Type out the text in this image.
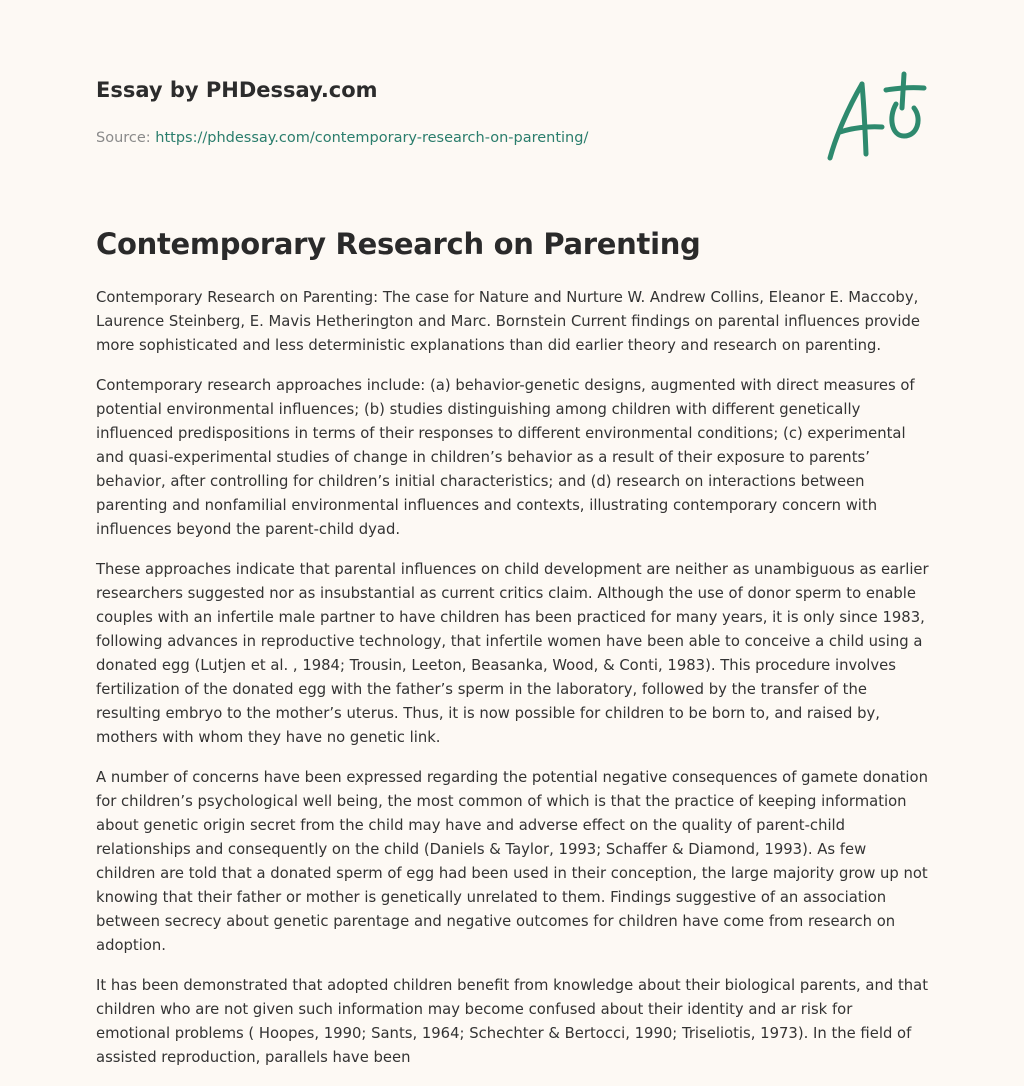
Essay by PHDessay.com
Source: https://phdessay.com/contemporary-research-on-parenting/
Contemporary Research on Parenting

Contemporary Research on Parenting: The case for Nature and Nurture W. Andrew Collins, Eleanor E. Maccoby, Laurence Steinberg, E. Mavis Hetherington and Marc. Bornstein Current findings on parental influences provide more sophisticated and less deterministic explanations than did earlier theory and research on parenting.

Contemporary research approaches include: (a) behavior-genetic designs, augmented with direct measures of potential environmental influences; (b) studies distinguishing among children with different genetically influenced predispositions in terms of their responses to different environmental conditions; (c) experimental and quasi-experimental studies of change in children’s behavior as a result of their exposure to parents’ behavior, after controlling for children’s initial characteristics; and (d) research on interactions between parenting and nonfamilial environmental influences and contexts, illustrating contemporary concern with influences beyond the parent-child dyad.

These approaches indicate that parental influences on child development are neither as unambiguous as earlier researchers suggested nor as insubstantial as current critics claim. Although the use of donor sperm to enable couples with an infertile male partner to have children has been practiced for many years, it is only since 1983, following advances in reproductive technology, that infertile women have been able to conceive a child using a donated egg (Lutjen et al. , 1984; Trousin, Leeton, Beasanka, Wood, & Conti, 1983). This procedure involves fertilization of the donated egg with the father’s sperm in the laboratory, followed by the transfer of the resulting embryo to the mother’s uterus. Thus, it is now possible for children to be born to, and raised by, mothers with whom they have no genetic link.

A number of concerns have been expressed regarding the potential negative consequences of gamete donation for children’s psychological well being, the most common of which is that the practice of keeping information about genetic origin secret from the child may have and adverse effect on the quality of parent-child relationships and consequently on the child (Daniels & Taylor, 1993; Schaffer & Diamond, 1993). As few children are told that a donated sperm of egg had been used in their conception, the large majority grow up not knowing that their father or mother is genetically unrelated to them. Findings suggestive of an association between secrecy about genetic parentage and negative outcomes for children have come from research on adoption.

It has been demonstrated that adopted children benefit from knowledge about their biological parents, and that children who are not given such information may become confused about their identity and ar risk for emotional problems ( Hoopes, 1990; Sants, 1964; Schechter & Bertocci, 1990; Triseliotis, 1973). In the field of assisted reproduction, parallels have been
